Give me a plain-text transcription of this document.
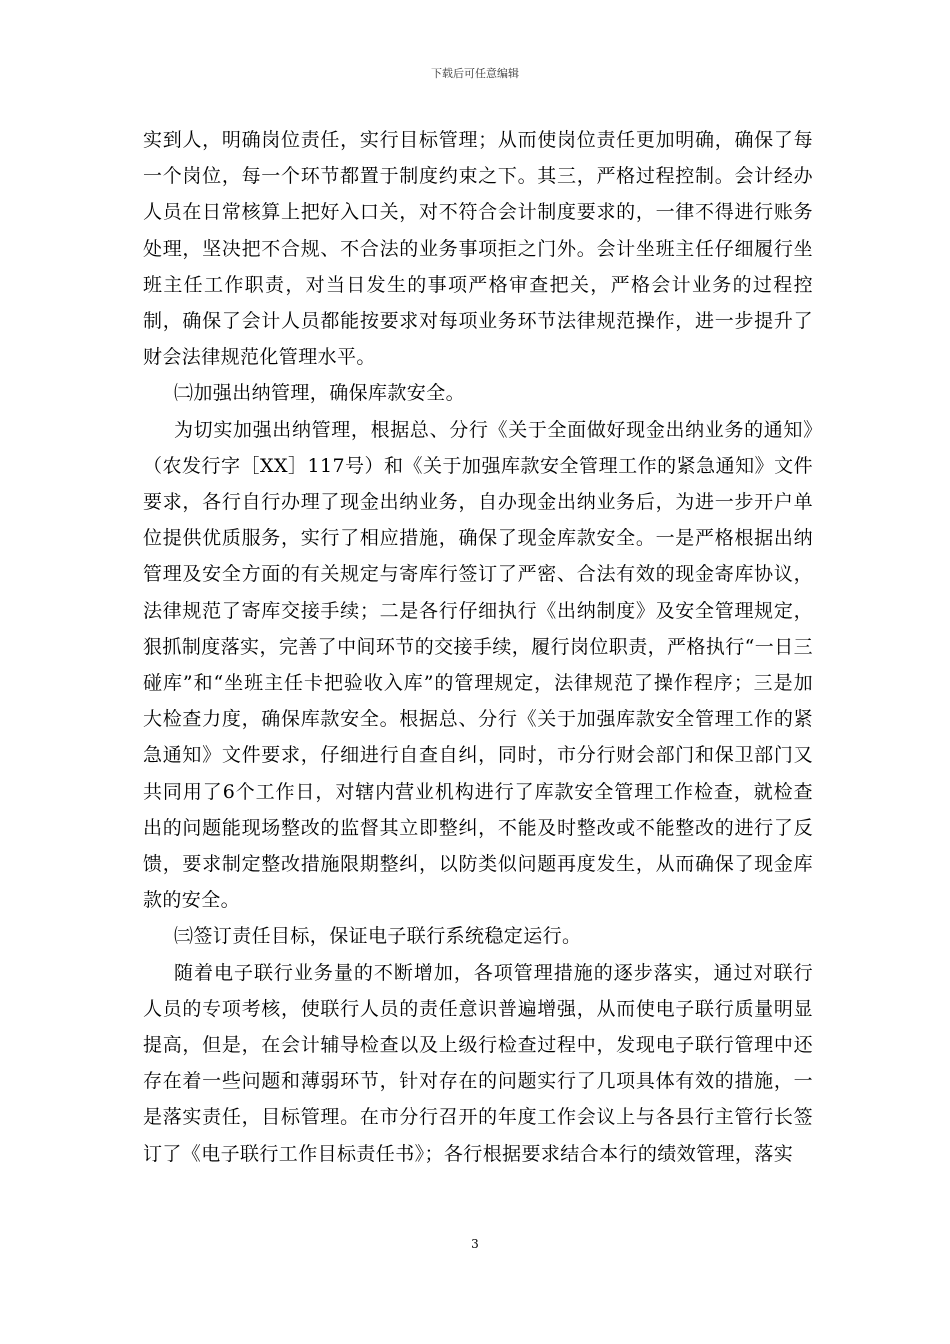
下载后可任意编辑

实到人，明确岗位责任，实行目标管理；从而使岗位责任更加明确，确保了每一个岗位，每一个环节都置于制度约束之下。其三，严格过程控制。会计经办人员在日常核算上把好入口关，对不符合会计制度要求的，一律不得进行账务处理，坚决把不合规、不合法的业务事项拒之门外。会计坐班主任仔细履行坐班主任工作职责，对当日发生的事项严格审查把关，严格会计业务的过程控制，确保了会计人员都能按要求对每项业务环节法律规范操作，进一步提升了财会法律规范化管理水平。

㈡加强出纳管理，确保库款安全。

为切实加强出纳管理，根据总、分行《关于全面做好现金出纳业务的通知》（农发行字［XX］117号）和《关于加强库款安全管理工作的紧急通知》文件要求，各行自行办理了现金出纳业务，自办现金出纳业务后，为进一步开户单位提供优质服务，实行了相应措施，确保了现金库款安全。一是严格根据出纳管理及安全方面的有关规定与寄库行签订了严密、合法有效的现金寄库协议，法律规范了寄库交接手续；二是各行仔细执行《出纳制度》及安全管理规定，狠抓制度落实，完善了中间环节的交接手续，履行岗位职责，严格执行“一日三碰库”和“坐班主任卡把验收入库”的管理规定，法律规范了操作程序；三是加大检查力度，确保库款安全。根据总、分行《关于加强库款安全管理工作的紧急通知》文件要求，仔细进行自查自纠，同时，市分行财会部门和保卫部门又共同用了6个工作日，对辖内营业机构进行了库款安全管理工作检查，就检查出的问题能现场整改的监督其立即整纠，不能及时整改或不能整改的进行了反馈，要求制定整改措施限期整纠，以防类似问题再度发生，从而确保了现金库款的安全。

㈢签订责任目标，保证电子联行系统稳定运行。

随着电子联行业务量的不断增加，各项管理措施的逐步落实，通过对联行人员的专项考核，使联行人员的责任意识普遍增强，从而使电子联行质量明显提高，但是，在会计辅导检查以及上级行检查过程中，发现电子联行管理中还存在着一些问题和薄弱环节，针对存在的问题实行了几项具体有效的措施，一是落实责任，目标管理。在市分行召开的年度工作会议上与各县行主管行长签订了《电子联行工作目标责任书》；各行根据要求结合本行的绩效管理，落实

3
